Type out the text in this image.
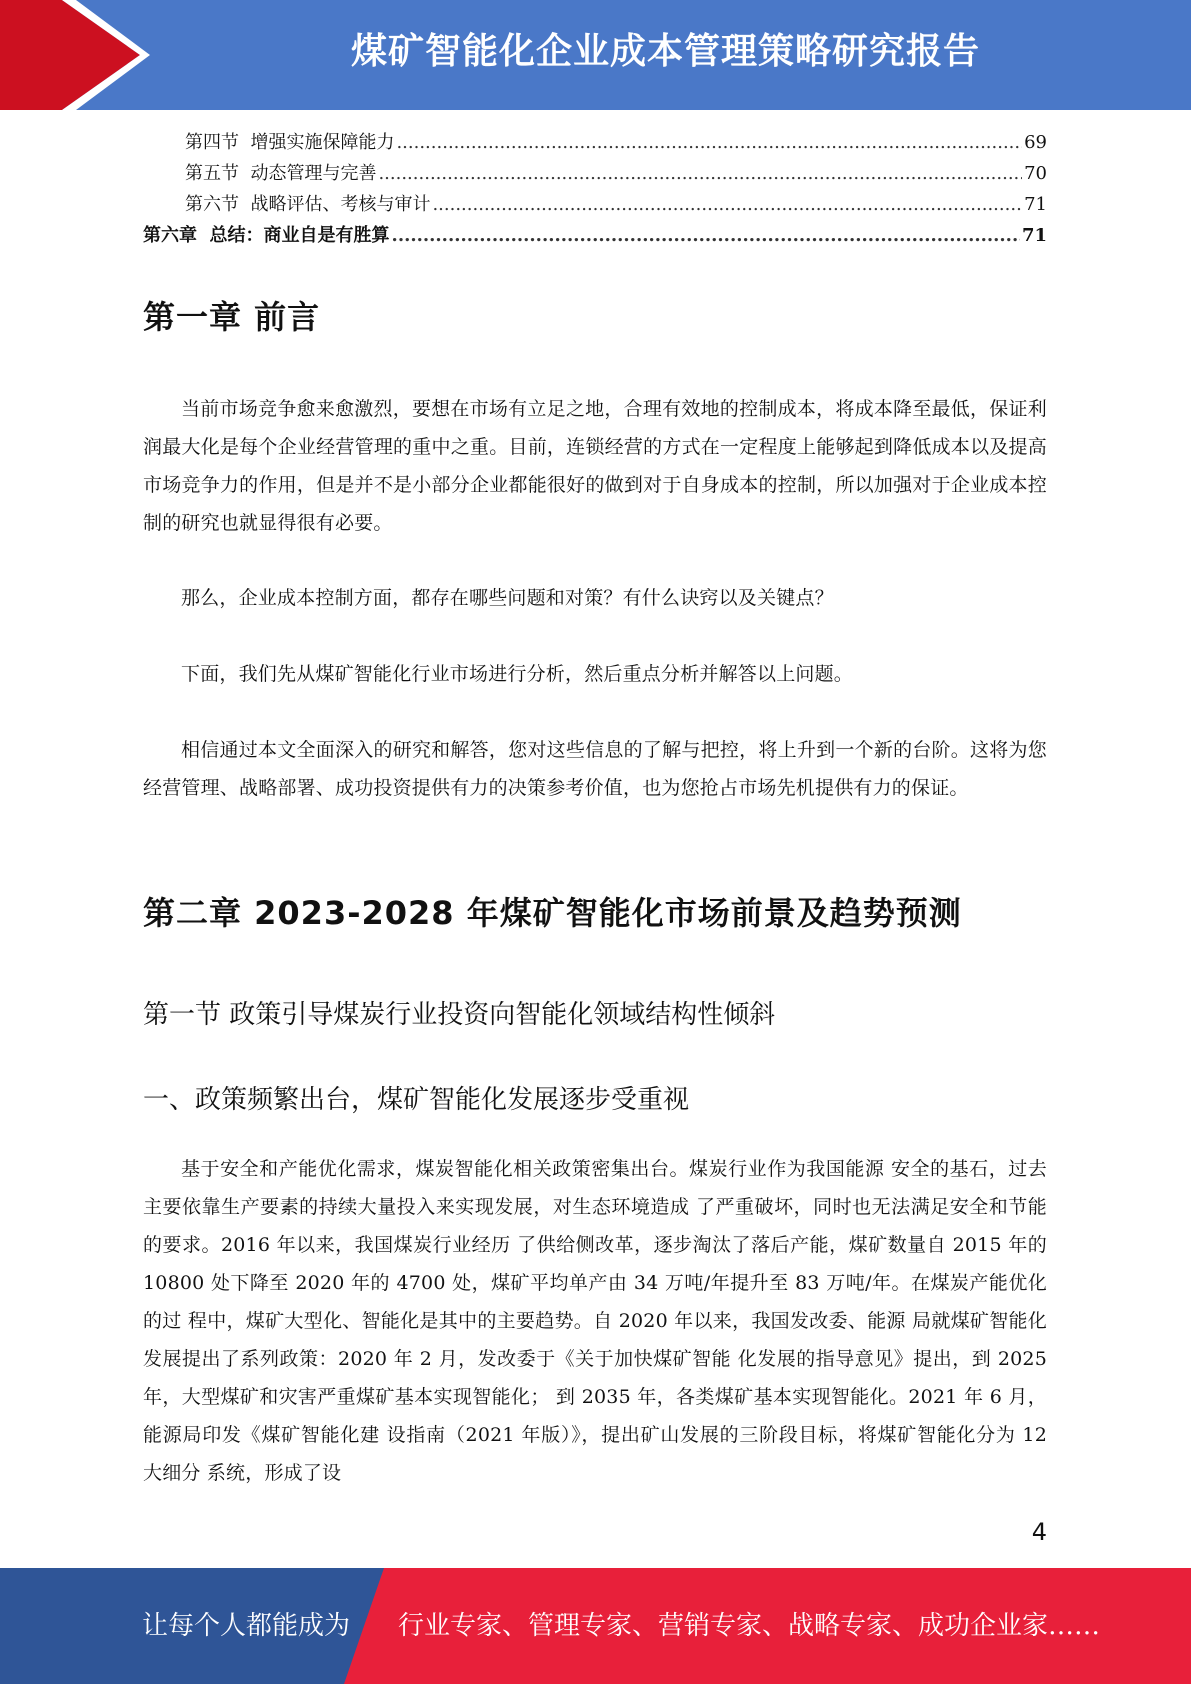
煤矿智能化企业成本管理策略研究报告
第四节  增强实施保障能力 .....	69
第五节  动态管理与完善 .....	70
第六节  战略评估、考核与审计 .....	71
第六章  总结：商业自是有胜算 .....	71
第一章 前言

当前市场竞争愈来愈激烈，要想在市场有立足之地，合理有效地的控制成本，将成本降至最低，保证利润最大化是每个企业经营管理的重中之重。目前，连锁经营的方式在一定程度上能够起到降低成本以及提高市场竞争力的作用，但是并不是小部分企业都能很好的做到对于自身成本的控制，所以加强对于企业成本控制的研究也就显得很有必要。

那么，企业成本控制方面，都存在哪些问题和对策？有什么诀窍以及关键点？

下面，我们先从煤矿智能化行业市场进行分析，然后重点分析并解答以上问题。

相信通过本文全面深入的研究和解答，您对这些信息的了解与把控，将上升到一个新的台阶。这将为您经营管理、战略部署、成功投资提供有力的决策参考价值，也为您抢占市场先机提供有力的保证。

第二章 2023-2028 年煤矿智能化市场前景及趋势预测
第一节 政策引导煤炭行业投资向智能化领域结构性倾斜
一、政策频繁出台，煤矿智能化发展逐步受重视

基于安全和产能优化需求，煤炭智能化相关政策密集出台。煤炭行业作为我国能源 安全的基石，过去主要依靠生产要素的持续大量投入来实现发展，对生态环境造成 了严重破坏，同时也无法满足安全和节能的要求。2016 年以来，我国煤炭行业经历 了供给侧改革，逐步淘汰了落后产能，煤矿数量自 2015 年的 10800 处下降至 2020 年的 4700 处，煤矿平均单产由 34 万吨/年提升至 83 万吨/年。在煤炭产能优化的过 程中，煤矿大型化、智能化是其中的主要趋势。自 2020 年以来，我国发改委、能源 局就煤矿智能化发展提出了系列政策：2020 年 2 月，发改委于《关于加快煤矿智能 化发展的指导意见》提出，到 2025 年，大型煤矿和灾害严重煤矿基本实现智能化； 到 2035 年，各类煤矿基本实现智能化。2021 年 6 月，能源局印发《煤矿智能化建 设指南（2021 年版）》，提出矿山发展的三阶段目标，将煤矿智能化分为 12 大细分 系统，形成了设

4
让每个人都能成为 行业专家、管理专家、营销专家、战略专家、成功企业家……
